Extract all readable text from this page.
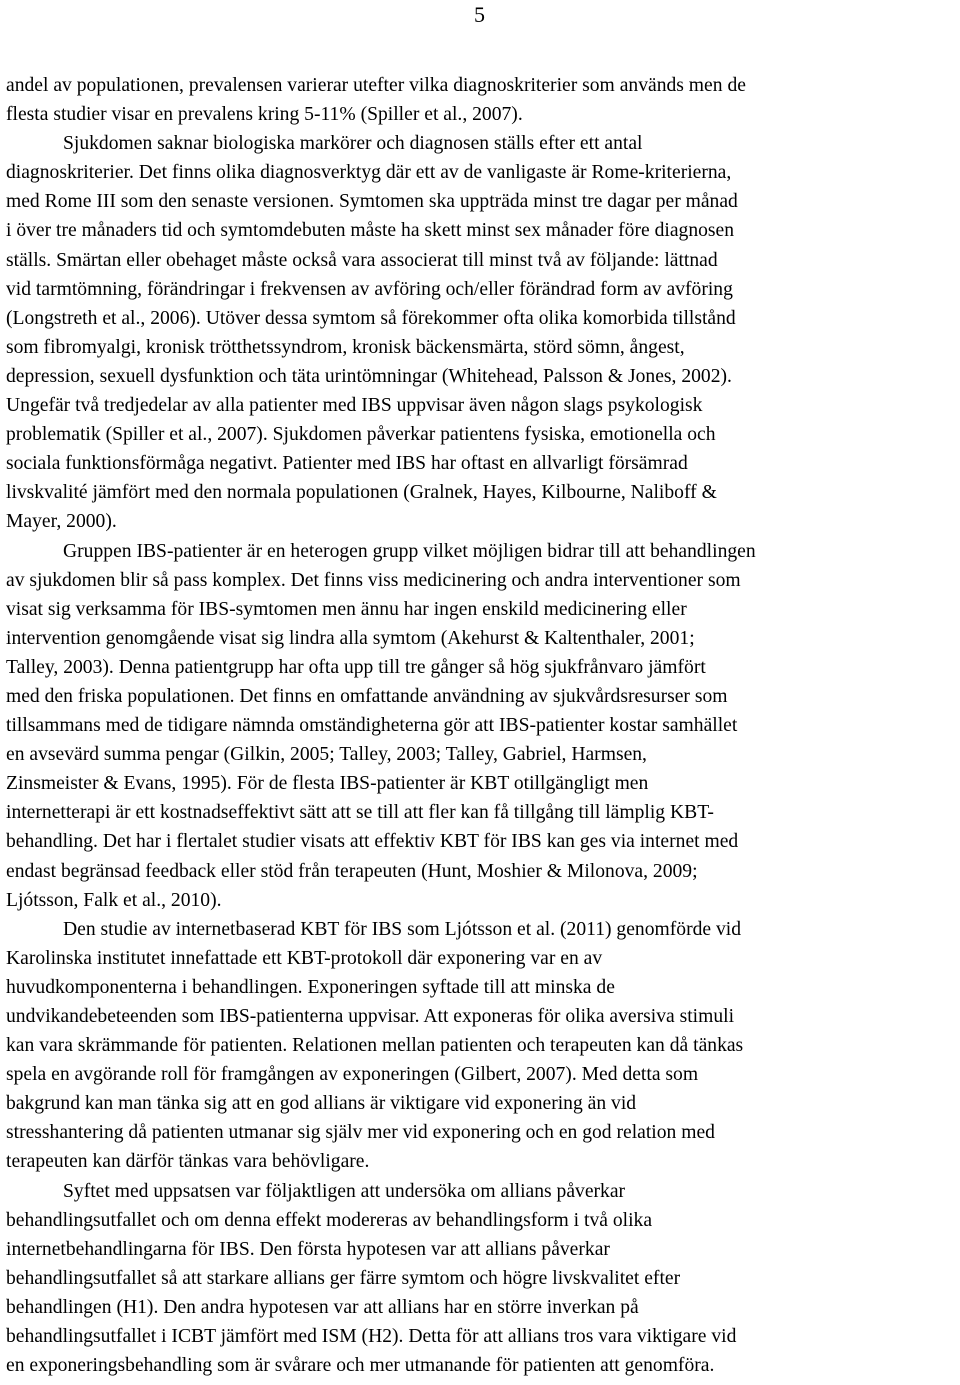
5
andel av populationen, prevalensen varierar utefter vilka diagnoskriterier som används men de
flesta studier visar en prevalens kring 5-11% (Spiller et al., 2007).
Sjukdomen saknar biologiska markörer och diagnosen ställs efter ett antal
diagnoskriterier. Det finns olika diagnosverktyg där ett av de vanligaste är Rome-kriterierna,
med Rome III som den senaste versionen. Symtomen ska uppträda minst tre dagar per månad
i över tre månaders tid och symtomdebuten måste ha skett minst sex månader före diagnosen
ställs. Smärtan eller obehaget måste också vara associerat till minst två av följande: lättnad
vid tarmtömning, förändringar i frekvensen av avföring och/eller förändrad form av avföring
(Longstreth et al., 2006). Utöver dessa symtom så förekommer ofta olika komorbida tillstånd
som fibromyalgi, kronisk trötthetssyndrom, kronisk bäckensmärta, störd sömn, ångest,
depression, sexuell dysfunktion och täta urintömningar (Whitehead, Palsson & Jones, 2002).
Ungefär två tredjedelar av alla patienter med IBS uppvisar även någon slags psykologisk
problematik (Spiller et al., 2007). Sjukdomen påverkar patientens fysiska, emotionella och
sociala funktionsförmåga negativt. Patienter med IBS har oftast en allvarligt försämrad
livskvalité jämfört med den normala populationen (Gralnek, Hayes, Kilbourne, Naliboff &
Mayer, 2000).
Gruppen IBS-patienter är en heterogen grupp vilket möjligen bidrar till att behandlingen
av sjukdomen blir så pass komplex. Det finns viss medicinering och andra interventioner som
visat sig verksamma för IBS-symtomen men ännu har ingen enskild medicinering eller
intervention genomgående visat sig lindra alla symtom (Akehurst & Kaltenthaler, 2001;
Talley, 2003). Denna patientgrupp har ofta upp till tre gånger så hög sjukfrånvaro jämfört
med den friska populationen. Det finns en omfattande användning av sjukvårdsresurser som
tillsammans med de tidigare nämnda omständigheterna gör att IBS-patienter kostar samhället
en avsevärd summa pengar (Gilkin, 2005; Talley, 2003; Talley, Gabriel, Harmsen,
Zinsmeister & Evans, 1995). För de flesta IBS-patienter är KBT otillgängligt men
internetterapi är ett kostnadseffektivt sätt att se till att fler kan få tillgång till lämplig KBT-
behandling. Det har i flertalet studier visats att effektiv KBT för IBS kan ges via internet med
endast begränsad feedback eller stöd från terapeuten (Hunt, Moshier & Milonova, 2009;
Ljótsson, Falk et al., 2010).
Den studie av internetbaserad KBT för IBS som Ljótsson et al. (2011) genomförde vid
Karolinska institutet innefattade ett KBT-protokoll där exponering var en av
huvudkomponenterna i behandlingen. Exponeringen syftade till att minska de
undvikandebeteenden som IBS-patienterna uppvisar. Att exponeras för olika aversiva stimuli
kan vara skrämmande för patienten. Relationen mellan patienten och terapeuten kan då tänkas
spela en avgörande roll för framgången av exponeringen (Gilbert, 2007). Med detta som
bakgrund kan man tänka sig att en god allians är viktigare vid exponering än vid
stresshantering då patienten utmanar sig själv mer vid exponering och en god relation med
terapeuten kan därför tänkas vara behövligare.
Syftet med uppsatsen var följaktligen att undersöka om allians påverkar
behandlingsutfallet och om denna effekt modereras av behandlingsform i två olika
internetbehandlingarna för IBS. Den första hypotesen var att allians påverkar
behandlingsutfallet så att starkare allians ger färre symtom och högre livskvalitet efter
behandlingen (H1). Den andra hypotesen var att allians har en större inverkan på
behandlingsutfallet i ICBT jämfört med ISM (H2). Detta för att allians tros vara viktigare vid
en exponeringsbehandling som är svårare och mer utmanande för patienten att genomföra.
